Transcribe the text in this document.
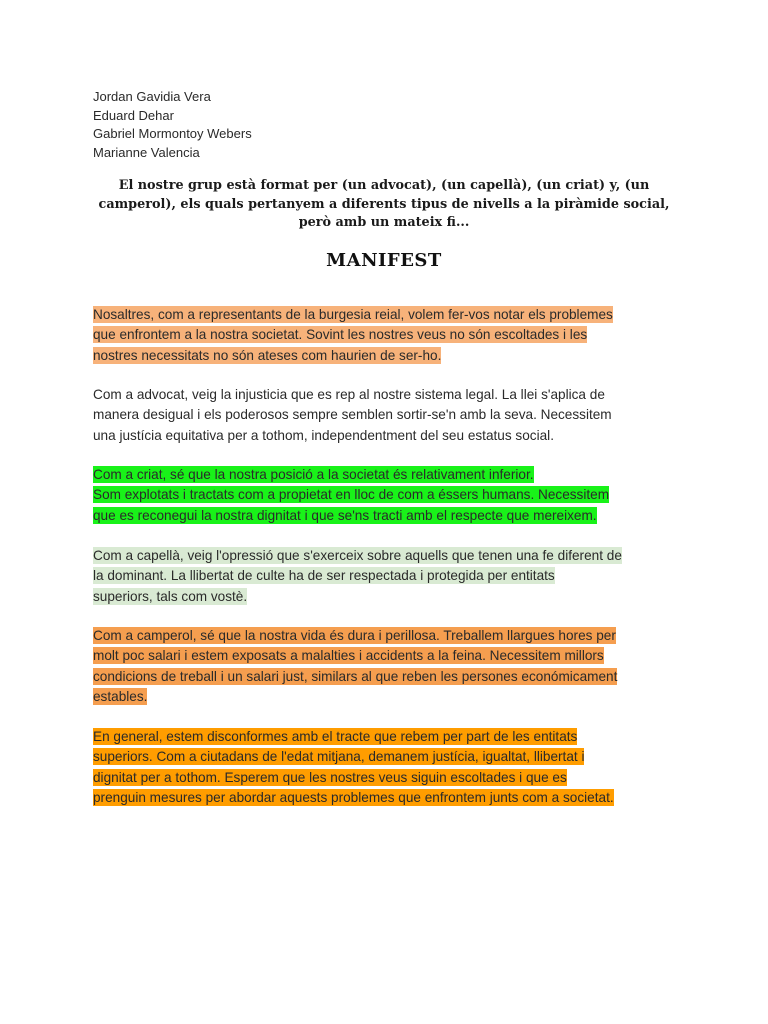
Jordan Gavidia Vera
Eduard Dehar
Gabriel Mormontoy Webers
Marianne Valencia
El nostre grup està format per (un advocat), (un capellà), (un criat) y, (un
camperol), els quals pertanyem a diferents tipus de nivells a la piràmide social,
però amb un mateix fi...
MANIFEST
Nosaltres, com a representants de la burgesia reial, volem fer-vos notar els problemes
que enfrontem a la nostra societat. Sovint les nostres veus no són escoltades i les
nostres necessitats no són ateses com haurien de ser-ho.
Com a advocat, veig la injusticia que es rep al nostre sistema legal. La llei s'aplica de
manera desigual i els poderosos sempre semblen sortir-se'n amb la seva. Necessitem
una justícia equitativa per a tothom, independentment del seu estatus social.
Com a criat, sé que la nostra posició a la societat és relativament inferior.
Som explotats i tractats com a propietat en lloc de com a éssers humans. Necessitem
que es reconegui la nostra dignitat i que se'ns tracti amb el respecte que mereixem.
Com a capellà, veig l'opressió que s'exerceix sobre aquells que tenen una fe diferent de
la dominant. La llibertat de culte ha de ser respectada i protegida per entitats
superiors, tals com vostè.
Com a camperol, sé que la nostra vida és dura i perillosa. Treballem llargues hores per
molt poc salari i estem exposats a malalties i accidents a la feina. Necessitem millors
condicions de treball i un salari just, similars al que reben les persones económicament
estables.
En general, estem disconformes amb el tracte que rebem per part de les entitats
superiors. Com a ciutadans de l'edat mitjana, demanem justícia, igualtat, llibertat i
dignitat per a tothom. Esperem que les nostres veus siguin escoltades i que es
prenguin mesures per abordar aquests problemes que enfrontem junts com a societat.
